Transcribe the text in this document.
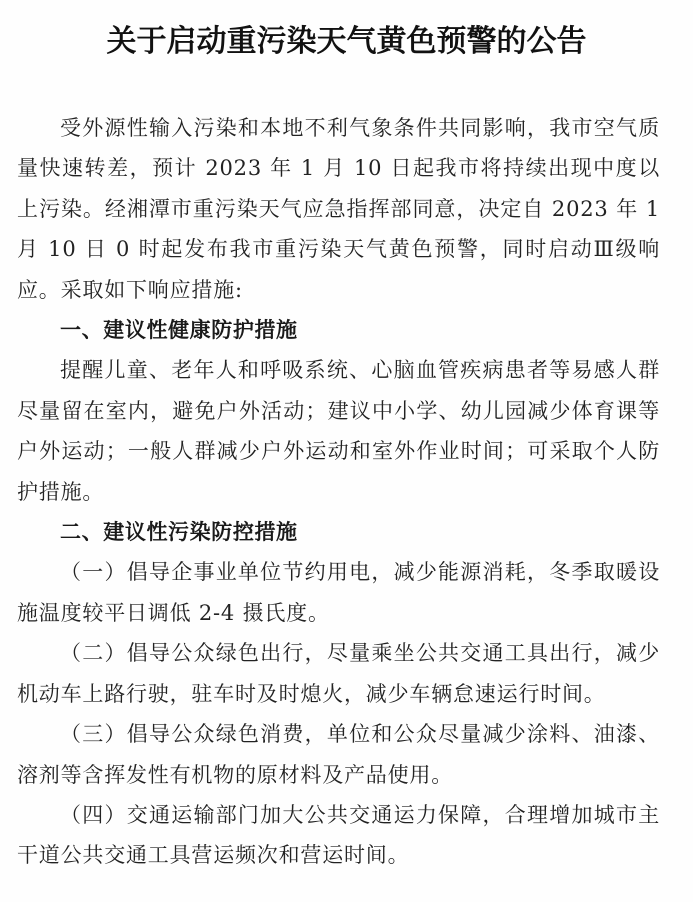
关于启动重污染天气黄色预警的公告

受外源性输入污染和本地不利气象条件共同影响，我市空气质量快速转差，预计 2023 年 1 月 10 日起我市将持续出现中度以上污染。经湘潭市重污染天气应急指挥部同意，决定自 2023 年 1 月 10 日 0 时起发布我市重污染天气黄色预警，同时启动Ⅲ级响应。采取如下响应措施:

一、建议性健康防护措施

提醒儿童、老年人和呼吸系统、心脑血管疾病患者等易感人群尽量留在室内，避免户外活动；建议中小学、幼儿园减少体育课等户外运动；一般人群减少户外运动和室外作业时间；可采取个人防护措施。

二、建议性污染防控措施

（一）倡导企事业单位节约用电，减少能源消耗，冬季取暖设施温度较平日调低 2-4 摄氏度。

（二）倡导公众绿色出行，尽量乘坐公共交通工具出行，减少机动车上路行驶，驻车时及时熄火，减少车辆怠速运行时间。

（三）倡导公众绿色消费，单位和公众尽量减少涂料、油漆、溶剂等含挥发性有机物的原材料及产品使用。

（四）交通运输部门加大公共交通运力保障，合理增加城市主干道公共交通工具营运频次和营运时间。
